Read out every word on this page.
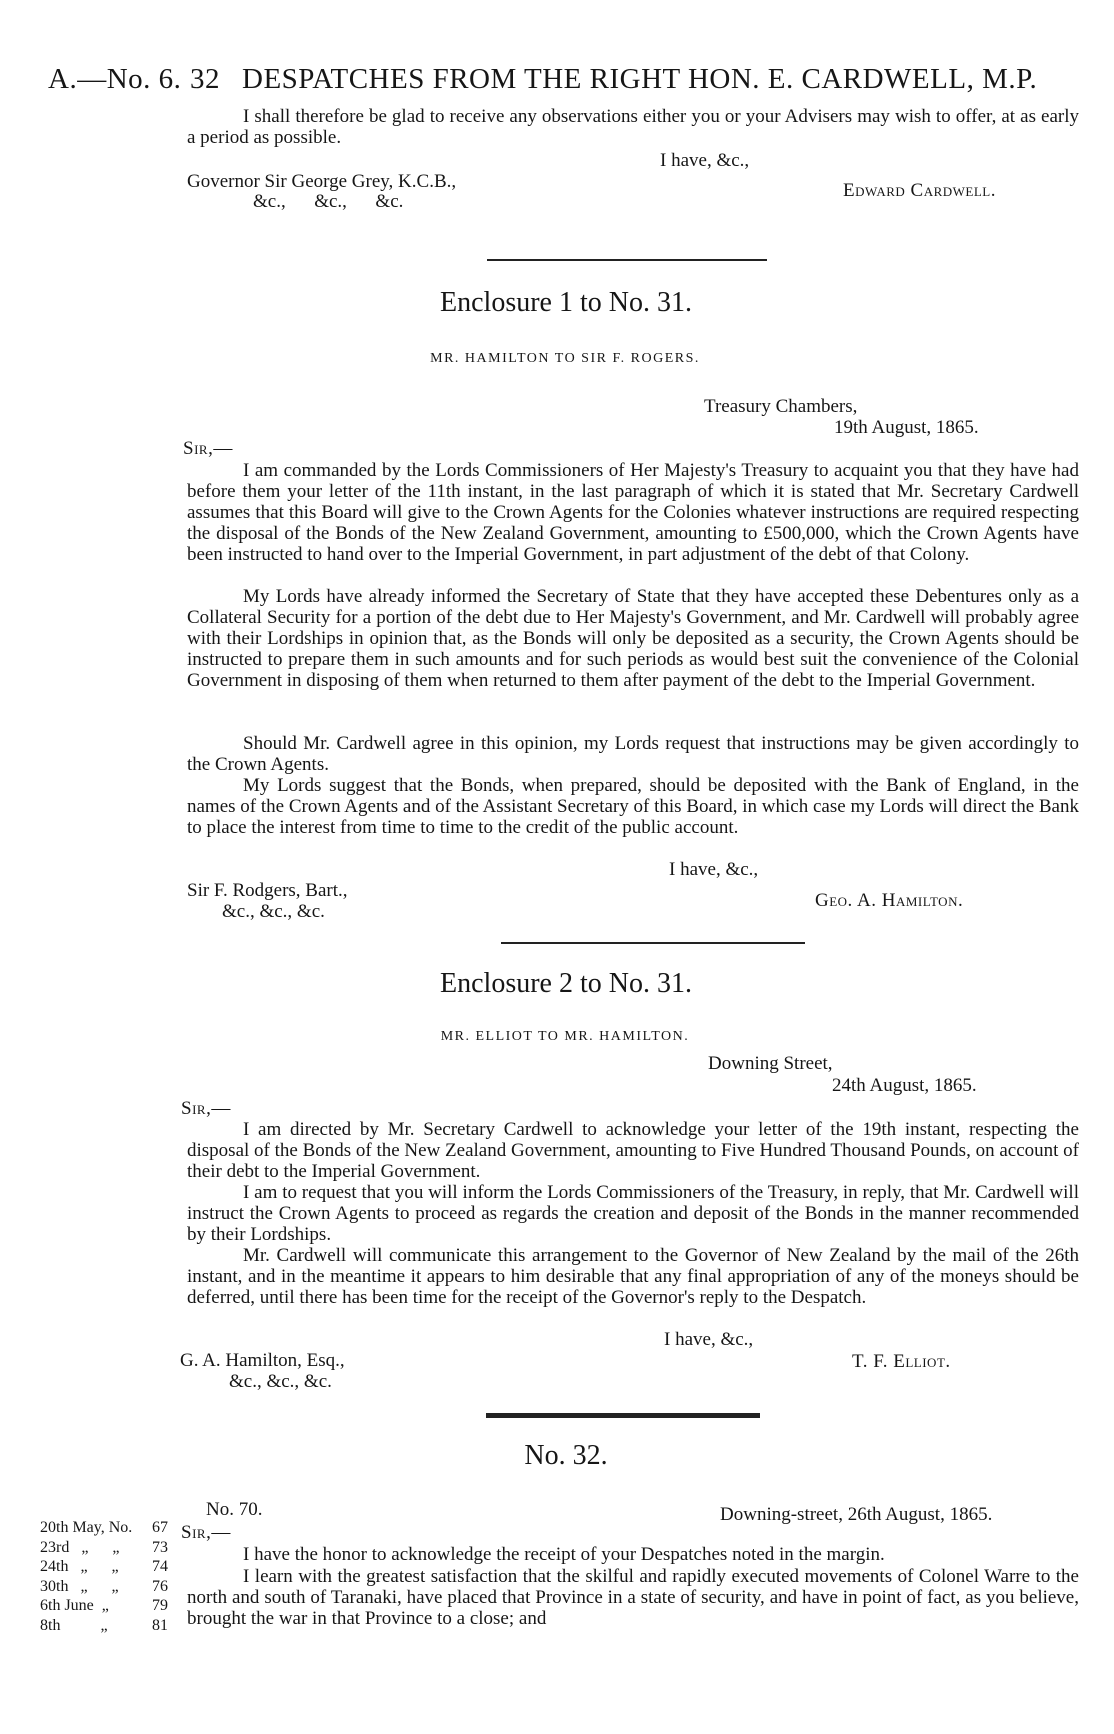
A.—No. 6. 32 DESPATCHES FROM THE RIGHT HON. E. CARDWELL, M.P.
I shall therefore be glad to receive any observations either you or your Advisers may wish to offer, at as early a period as possible.
I have, &c.,
Governor Sir George Grey, K.C.B.,
&c.,      &c.,      &c.
Edward Cardwell.
Enclosure 1 to No. 31.
MR. HAMILTON TO SIR F. ROGERS.
Treasury Chambers,
19th August, 1865.
Sir,—
I am commanded by the Lords Commissioners of Her Majesty's Treasury to acquaint you that they have had before them your letter of the 11th instant, in the last paragraph of which it is stated that Mr. Secretary Cardwell assumes that this Board will give to the Crown Agents for the Colonies whatever instructions are required respecting the disposal of the Bonds of the New Zealand Government, amounting to £500,000, which the Crown Agents have been instructed to hand over to the Imperial Government, in part adjustment of the debt of that Colony.
My Lords have already informed the Secretary of State that they have accepted these Debentures only as a Collateral Security for a portion of the debt due to Her Majesty's Government, and Mr. Cardwell will probably agree with their Lordships in opinion that, as the Bonds will only be deposited as a security, the Crown Agents should be instructed to prepare them in such amounts and for such periods as would best suit the convenience of the Colonial Government in disposing of them when returned to them after payment of the debt to the Imperial Government.
Should Mr. Cardwell agree in this opinion, my Lords request that instructions may be given accordingly to the Crown Agents.
My Lords suggest that the Bonds, when prepared, should be deposited with the Bank of England, in the names of the Crown Agents and of the Assistant Secretary of this Board, in which case my Lords will direct the Bank to place the interest from time to time to the credit of the public account.
I have, &c.,
Sir F. Rodgers, Bart.,
&c., &c., &c.
Geo. A. Hamilton.
Enclosure 2 to No. 31.
MR. ELLIOT TO MR. HAMILTON.
Downing Street,
24th August, 1865.
Sir,—
I am directed by Mr. Secretary Cardwell to acknowledge your letter of the 19th instant, respecting the disposal of the Bonds of the New Zealand Government, amounting to Five Hundred Thousand Pounds, on account of their debt to the Imperial Government.
I am to request that you will inform the Lords Commissioners of the Treasury, in reply, that Mr. Cardwell will instruct the Crown Agents to proceed as regards the creation and deposit of the Bonds in the manner recommended by their Lordships.
Mr. Cardwell will communicate this arrangement to the Governor of New Zealand by the mail of the 26th instant, and in the meantime it appears to him desirable that any final appropriation of any of the moneys should be deferred, until there has been time for the receipt of the Governor's reply to the Despatch.
I have, &c.,
G. A. Hamilton, Esq.,
&c., &c., &c.
T. F. Elliot.
No. 32.
No. 70.	Downing-street, 26th August, 1865.
Sir,—
20th May, No. 67
23rd   „      „ 73
24th   „      „ 74
30th   „      „ 76
6th June  „	79
8th          „	81
I have the honor to acknowledge the receipt of your Despatches noted in the margin.
I learn with the greatest satisfaction that the skilful and rapidly executed movements of Colonel Warre to the north and south of Taranaki, have placed that Province in a state of security, and have in point of fact, as you believe, brought the war in that Province to a close; and
